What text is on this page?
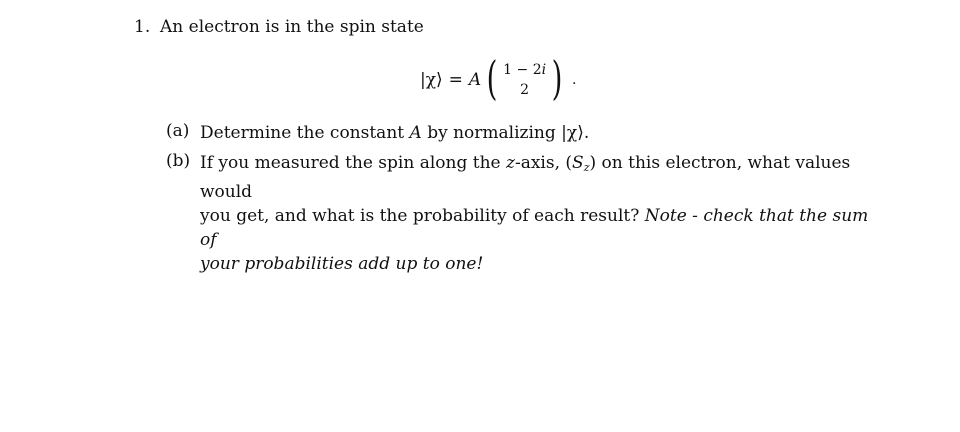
1. An electron is in the spin state
|χ⟩ = A ( 1 − 2i
2 ) .
(a) Determine the constant A by normalizing |χ⟩.
(b) If you measured the spin along the z-axis, $(S_z)$ on this electron, what values would
you get, and what is the probability of each result? Note - check that the sum of
your probabilities add up to one!
